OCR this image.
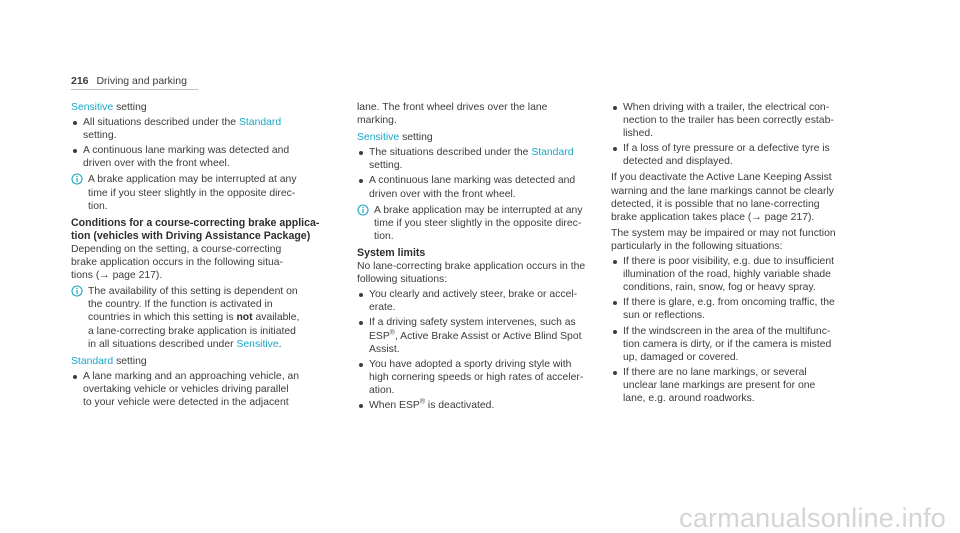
216 Driving and parking
Sensitive setting
All situations described under the Standard
setting.
A continuous lane marking was detected and
driven over with the front wheel.
A brake application may be interrupted at any
time if you steer slightly in the opposite direc-
tion.
Conditions for a course-correcting brake applica-
tion (vehicles with Driving Assistance Package)
Depending on the setting, a course-correcting
brake application occurs in the following situa-
tions (→ page 217).
The availability of this setting is dependent on
the country. If the function is activated in
countries in which this setting is not available,
a lane-correcting brake application is initiated
in all situations described under Sensitive.
Standard setting
A lane marking and an approaching vehicle, an
overtaking vehicle or vehicles driving parallel
to your vehicle were detected in the adjacent
lane. The front wheel drives over the lane
marking.
Sensitive setting
The situations described under the Standard
setting.
A continuous lane marking was detected and
driven over with the front wheel.
A brake application may be interrupted at any
time if you steer slightly in the opposite direc-
tion.
System limits
No lane-correcting brake application occurs in the
following situations:
You clearly and actively steer, brake or accel-
erate.
If a driving safety system intervenes, such as
ESP®, Active Brake Assist or Active Blind Spot
Assist.
You have adopted a sporty driving style with
high cornering speeds or high rates of acceler-
ation.
When ESP® is deactivated.
When driving with a trailer, the electrical con-
nection to the trailer has been correctly estab-
lished.
If a loss of tyre pressure or a defective tyre is
detected and displayed.
If you deactivate the Active Lane Keeping Assist
warning and the lane markings cannot be clearly
detected, it is possible that no lane-correcting
brake application takes place (→ page 217).
The system may be impaired or may not function
particularly in the following situations:
If there is poor visibility, e.g. due to insufficient
illumination of the road, highly variable shade
conditions, rain, snow, fog or heavy spray.
If there is glare, e.g. from oncoming traffic, the
sun or reflections.
If the windscreen in the area of the multifunc-
tion camera is dirty, or if the camera is misted
up, damaged or covered.
If there are no lane markings, or several
unclear lane markings are present for one
lane, e.g. around roadworks.
carmanualsonline.info
